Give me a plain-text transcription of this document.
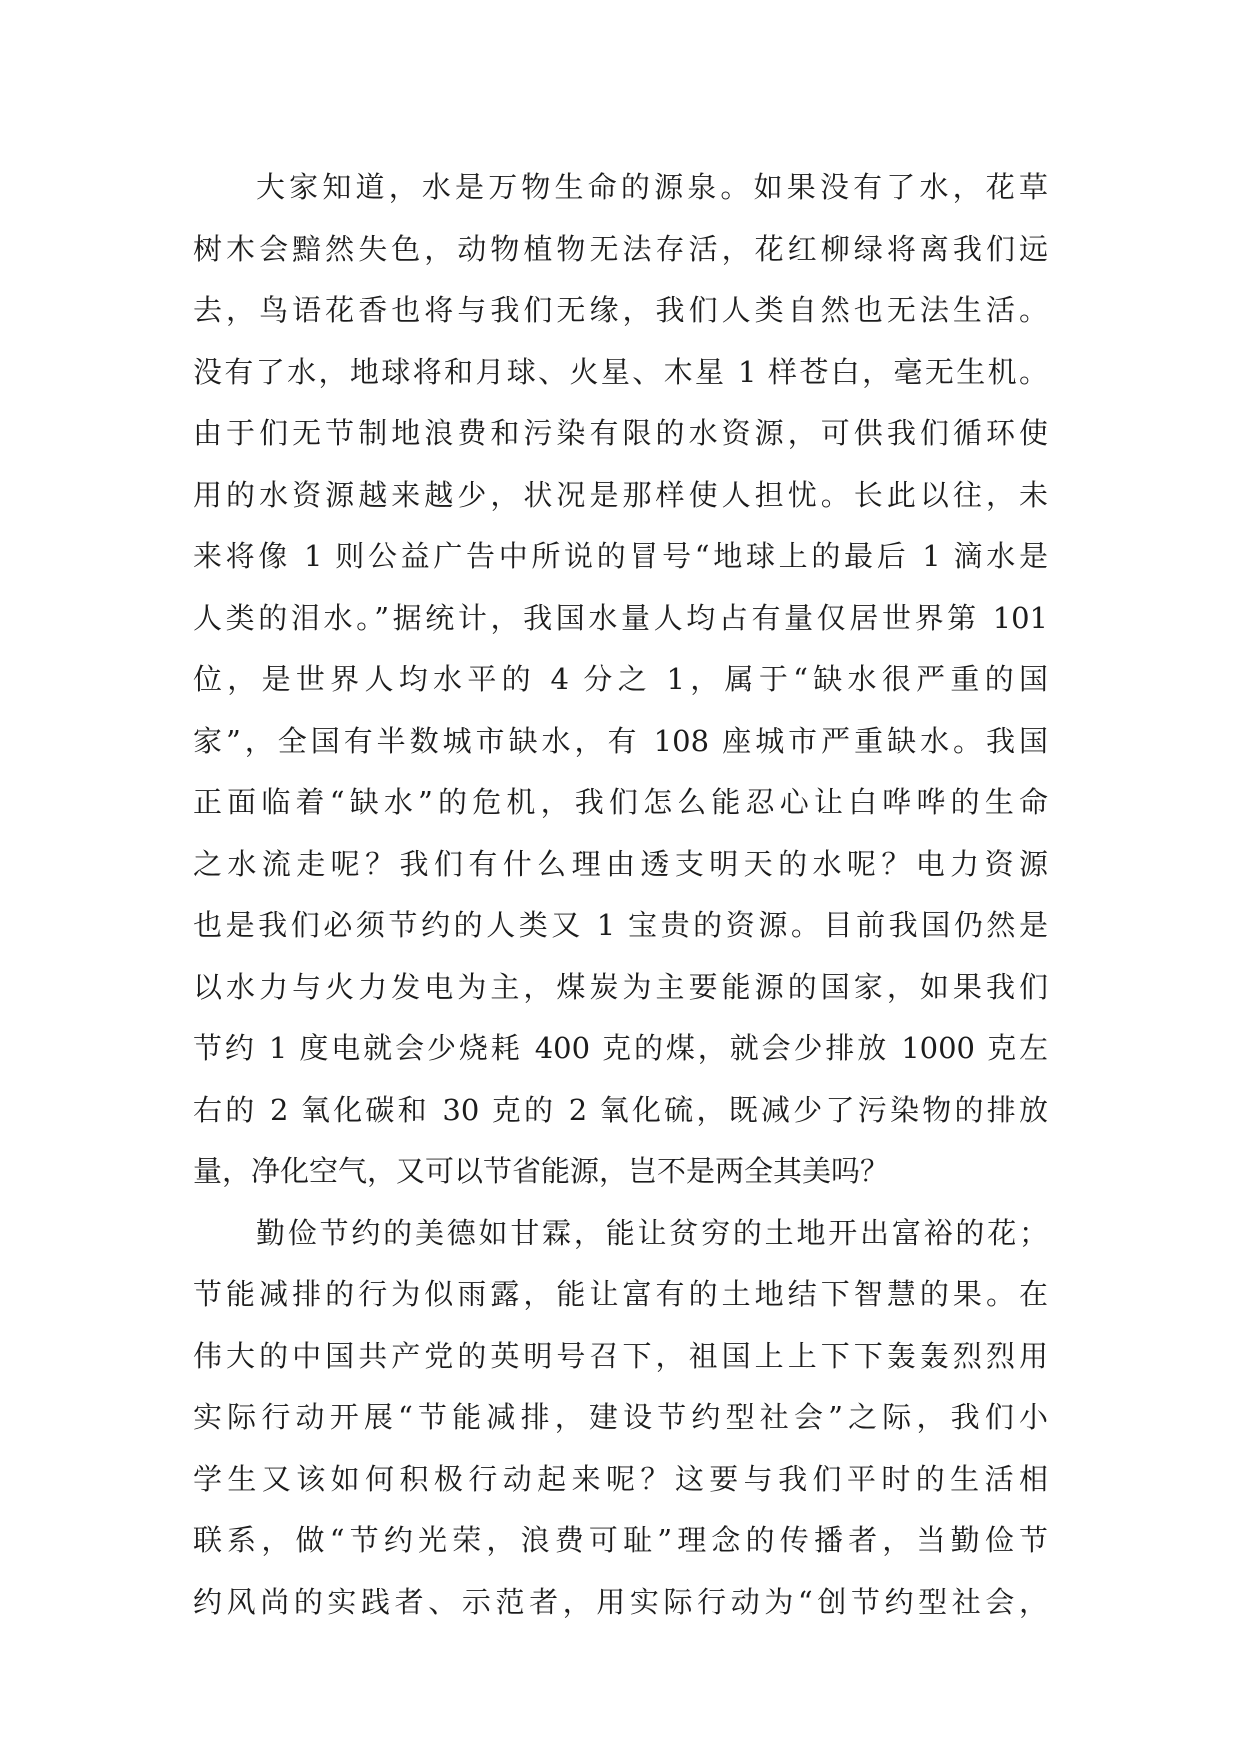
大家知道，水是万物生命的源泉。如果没有了水，花草
树木会黯然失色，动物植物无法存活，花红柳绿将离我们远
去，鸟语花香也将与我们无缘，我们人类自然也无法生活。
没有了水，地球将和月球、火星、木星 1 样苍白，毫无生机。
由于们无节制地浪费和污染有限的水资源，可供我们循环使
用的水资源越来越少，状况是那样使人担忧。长此以往，未
来将像 1 则公益广告中所说的冒号“地球上的最后 1 滴水是
人类的泪水。”据统计，我国水量人均占有量仅居世界第 101
位，是世界人均水平的 4 分之 1，属于“缺水很严重的国
家”，全国有半数城市缺水，有 108 座城市严重缺水。我国
正面临着“缺水”的危机，我们怎么能忍心让白哗哗的生命
之水流走呢？我们有什么理由透支明天的水呢？电力资源
也是我们必须节约的人类又 1 宝贵的资源。目前我国仍然是
以水力与火力发电为主，煤炭为主要能源的国家，如果我们
节约 1 度电就会少烧耗 400 克的煤，就会少排放 1000 克左
右的 2 氧化碳和 30 克的 2 氧化硫，既减少了污染物的排放
量，净化空气，又可以节省能源，岂不是两全其美吗？
勤俭节约的美德如甘霖，能让贫穷的土地开出富裕的花；
节能减排的行为似雨露，能让富有的土地结下智慧的果。在
伟大的中国共产党的英明号召下，祖国上上下下轰轰烈烈用
实际行动开展“节能减排，建设节约型社会”之际，我们小
学生又该如何积极行动起来呢？这要与我们平时的生活相
联系，做“节约光荣，浪费可耻”理念的传播者，当勤俭节
约风尚的实践者、示范者，用实际行动为“创节约型社会，
